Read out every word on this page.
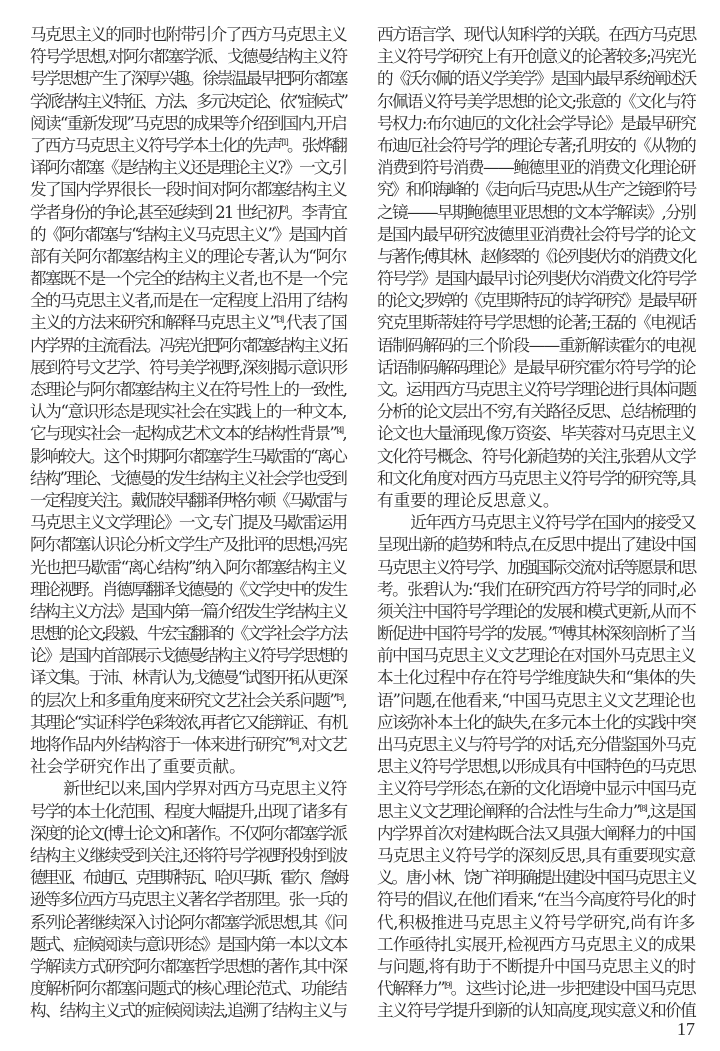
马克思主义的同时也附带引介了西方马克思主义
符号学思想,对阿尔都塞学派、戈德曼结构主义符
号学思想产生了深厚兴趣。徐崇温最早把阿尔都塞
学派结构主义特征、方法、多元决定论、依“症候式”
阅读“重新发现”马克思的成果等介绍到国内,开启
了西方马克思主义符号学本土化的先声[1]。张烨翻
译阿尔都塞《是结构主义还是理论主义?》一文,引
发了国内学界很长一段时间对阿尔都塞结构主义
学者身份的争论,甚至延续到 21 世纪初[2]。李青宜
的《阿尔都塞与“结构主义马克思主义”》是国内首
部有关阿尔都塞结构主义的理论专著,认为“阿尔
都塞既不是一个完全的结构主义者,也不是一个完
全的马克思主义者,而是在一定程度上沿用了结构
主义的方法来研究和解释马克思主义”[3],代表了国
内学界的主流看法。冯宪光把阿尔都塞结构主义拓
展到符号文艺学、符号美学视野,深刻揭示意识形
态理论与阿尔都塞结构主义在符号性上的一致性,
认为“意识形态是现实社会在实践上的一种文本,
它与现实社会一起构成艺术文本的结构性背景”[4],
影响较大。这个时期阿尔都塞学生马歇雷的“离心
结构”理论、戈德曼的发生结构主义社会学也受到
一定程度关注。戴侃较早翻译伊格尔顿《马歇雷与
马克思主义文学理论》一文,专门提及马歇雷运用
阿尔都塞认识论分析文学生产及批评的思想;冯宪
光也把马歇雷“离心结构”纳入阿尔都塞结构主义
理论视野。肖德厚翻译戈德曼的《文学史中的发生
结构主义方法》是国内第一篇介绍发生学结构主义
思想的论文;段毅、牛宏宝翻译的《文学社会学方法
论》是国内首部展示戈德曼结构主义符号学思想的
译文集。于沛、林青认为,戈德曼“试图开拓从更深
的层次上和多重角度来研究文艺社会关系问题”[5],
其理论“实证科学色彩较浓,再者它又能辩证、有机
地将作品内外结构溶于一体来进行研究”[6],对文艺
社会学研究作出了重要贡献。
新世纪以来,国内学界对西方马克思主义符
号学的本土化范围、程度大幅提升,出现了诸多有
深度的论文(博士论文)和著作。不仅阿尔都塞学派
结构主义继续受到关注,还将符号学视野投射到波
德里亚、布迪厄、克里斯特瓦、哈贝马斯、霍尔、詹姆
逊等多位西方马克思主义著名学者那里。张一兵的
系列论著继续深入讨论阿尔都塞学派思想,其《问
题式、症候阅读与意识形态》是国内第一本以文本
学解读方式研究阿尔都塞哲学思想的著作,其中深
度解析阿尔都塞问题式的核心理论范式、功能结
构、结构主义式的症候阅读法,追溯了结构主义与
西方语言学、现代认知科学的关联。在西方马克思
主义符号学研究上有开创意义的论著较多;冯宪光
的《沃尔佩的语义学美学》是国内最早系统阐述沃
尔佩语义符号美学思想的论文;张意的《文化与符
号权力:布尔迪厄的文化社会学导论》是最早研究
布迪厄社会符号学的理论专著;孔明安的《从物的
消费到符号消费——鲍德里亚的消费文化理论研
究》和仰海峰的《走向后马克思:从生产之镜到符号
之镜——早期鲍德里亚思想的文本学解读》,分别
是国内最早研究波德里亚消费社会符号学的论文
与著作;傅其林、赵修翠的《论列斐伏尔的消费文化
符号学》是国内最早讨论列斐伏尔消费文化符号学
的论文;罗婷的《克里斯特瓦的诗学研究》是最早研
究克里斯蒂娃符号学思想的论著;王磊的《电视话
语制码解码的三个阶段——重新解读霍尔的电视
话语制码解码理论》是最早研究霍尔符号学的论
文。运用西方马克思主义符号学理论进行具体问题
分析的论文层出不穷,有关路径反思、总结梳理的
论文也大量涌现,像万资姿、毕芙蓉对马克思主义
文化符号概念、符号化新趋势的关注,张碧从文学
和文化角度对西方马克思主义符号学的研究等,具
有重要的理论反思意义。
近年西方马克思主义符号学在国内的接受又
呈现出新的趋势和特点,在反思中提出了建设中国
马克思主义符号学、加强国际交流对话等愿景和思
考。张碧认为:“我们在研究西方符号学的同时,必
须关注中国符号学理论的发展和模式更新,从而不
断促进中国符号学的发展。”[7]傅其林深刻剖析了当
前中国马克思主义文艺理论在对国外马克思主义
本土化过程中存在符号学维度缺失和“集体的失
语”问题,在他看来,“中国马克思主义文艺理论也
应该弥补本土化的缺失,在多元本土化的实践中突
出马克思主义与符号学的对话,充分借鉴国外马克
思主义符号学思想,以形成具有中国特色的马克思
主义符号学形态,在新的文化语境中显示中国马克
思主义文艺理论阐释的合法性与生命力”[8],这是国
内学界首次对建构既合法又具强大阐释力的中国
马克思主义符号学的深刻反思,具有重要现实意
义。唐小林、饶广祥明确提出建设中国马克思主义
符号的倡议,在他们看来,“在当今高度符号化的时
代,积极推进马克思主义符号学研究,尚有许多
工作亟待扎实展开,检视西方马克思主义的成果
与问题,将有助于不断提升中国马克思主义的时
代解释力”[9]。这些讨论,进一步把建设中国马克思
主义符号学提升到新的认知高度,现实意义和价值
17
